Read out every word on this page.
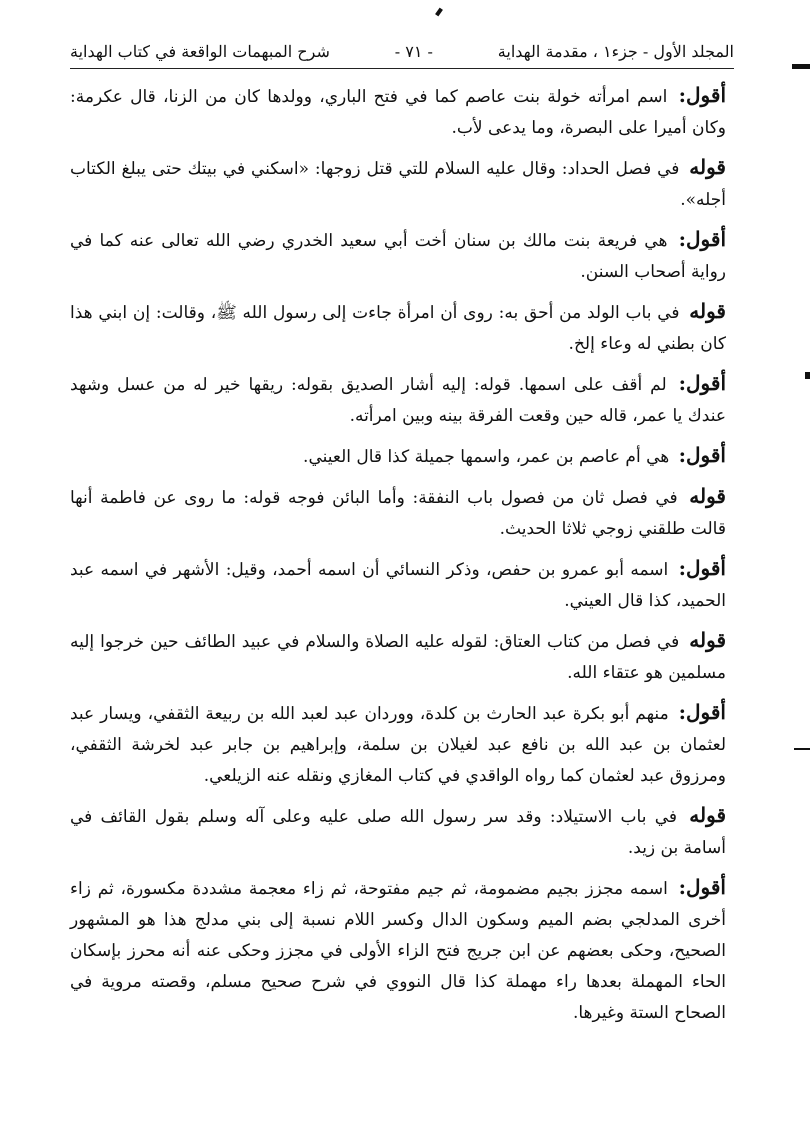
المجلد الأول - جزء١ ، مقدمة الهداية
- ٧١ -
شرح المبهمات الواقعة في كتاب الهداية

أقول: اسم امرأته خولة بنت عاصم كما في فتح الباري، وولدها كان من الزنا، قال عكرمة: وكان أميرا على البصرة، وما يدعى لأب.

قوله في فصل الحداد: وقال عليه السلام للتي قتل زوجها: «اسكني في بيتك حتى يبلغ الكتاب أجله».

أقول: هي فريعة بنت مالك بن سنان أخت أبي سعيد الخدري رضي الله تعالى عنه كما في رواية أصحاب السنن.

قوله في باب الولد من أحق به: روى أن امرأة جاءت إلى رسول الله ﷺ، وقالت: إن ابني هذا كان بطني له وعاء إلخ.

أقول: لم أقف على اسمها. قوله: إليه أشار الصديق بقوله: ريقها خير له من عسل وشهد عندك يا عمر، قاله حين وقعت الفرقة بينه وبين امرأته.

أقول: هي أم عاصم بن عمر، واسمها جميلة كذا قال العيني.

قوله في فصل ثان من فصول باب النفقة: وأما البائن فوجه قوله: ما روى عن فاطمة أنها قالت طلقني زوجي ثلاثا الحديث.

أقول: اسمه أبو عمرو بن حفص، وذكر النسائي أن اسمه أحمد، وقيل: الأشهر في اسمه عبد الحميد، كذا قال العيني.

قوله في فصل من كتاب العتاق: لقوله عليه الصلاة والسلام في عبيد الطائف حين خرجوا إليه مسلمين هو عتقاء الله.

أقول: منهم أبو بكرة عبد الحارث بن كلدة، ووردان عبد لعبد الله بن ربيعة الثقفي، ويسار عبد لعثمان بن عبد الله بن نافع عبد لغيلان بن سلمة، وإبراهيم بن جابر عبد لخرشة الثقفي، ومرزوق عبد لعثمان كما رواه الواقدي في كتاب المغازي ونقله عنه الزيلعي.

قوله في باب الاستيلاد: وقد سر رسول الله صلى عليه وعلى آله وسلم بقول القائف في أسامة بن زيد.

أقول: اسمه مجزز بجيم مضمومة، ثم جيم مفتوحة، ثم زاء معجمة مشددة مكسورة، ثم زاء أخرى المدلجي بضم الميم وسكون الدال وكسر اللام نسبة إلى بني مدلج هذا هو المشهور الصحيح، وحكى بعضهم عن ابن جريج فتح الزاء الأولى في مجزز وحكى عنه أنه محرز بإسكان الحاء المهملة بعدها راء مهملة كذا قال النووي في شرح صحيح مسلم، وقصته مروية في الصحاح الستة وغيرها.
